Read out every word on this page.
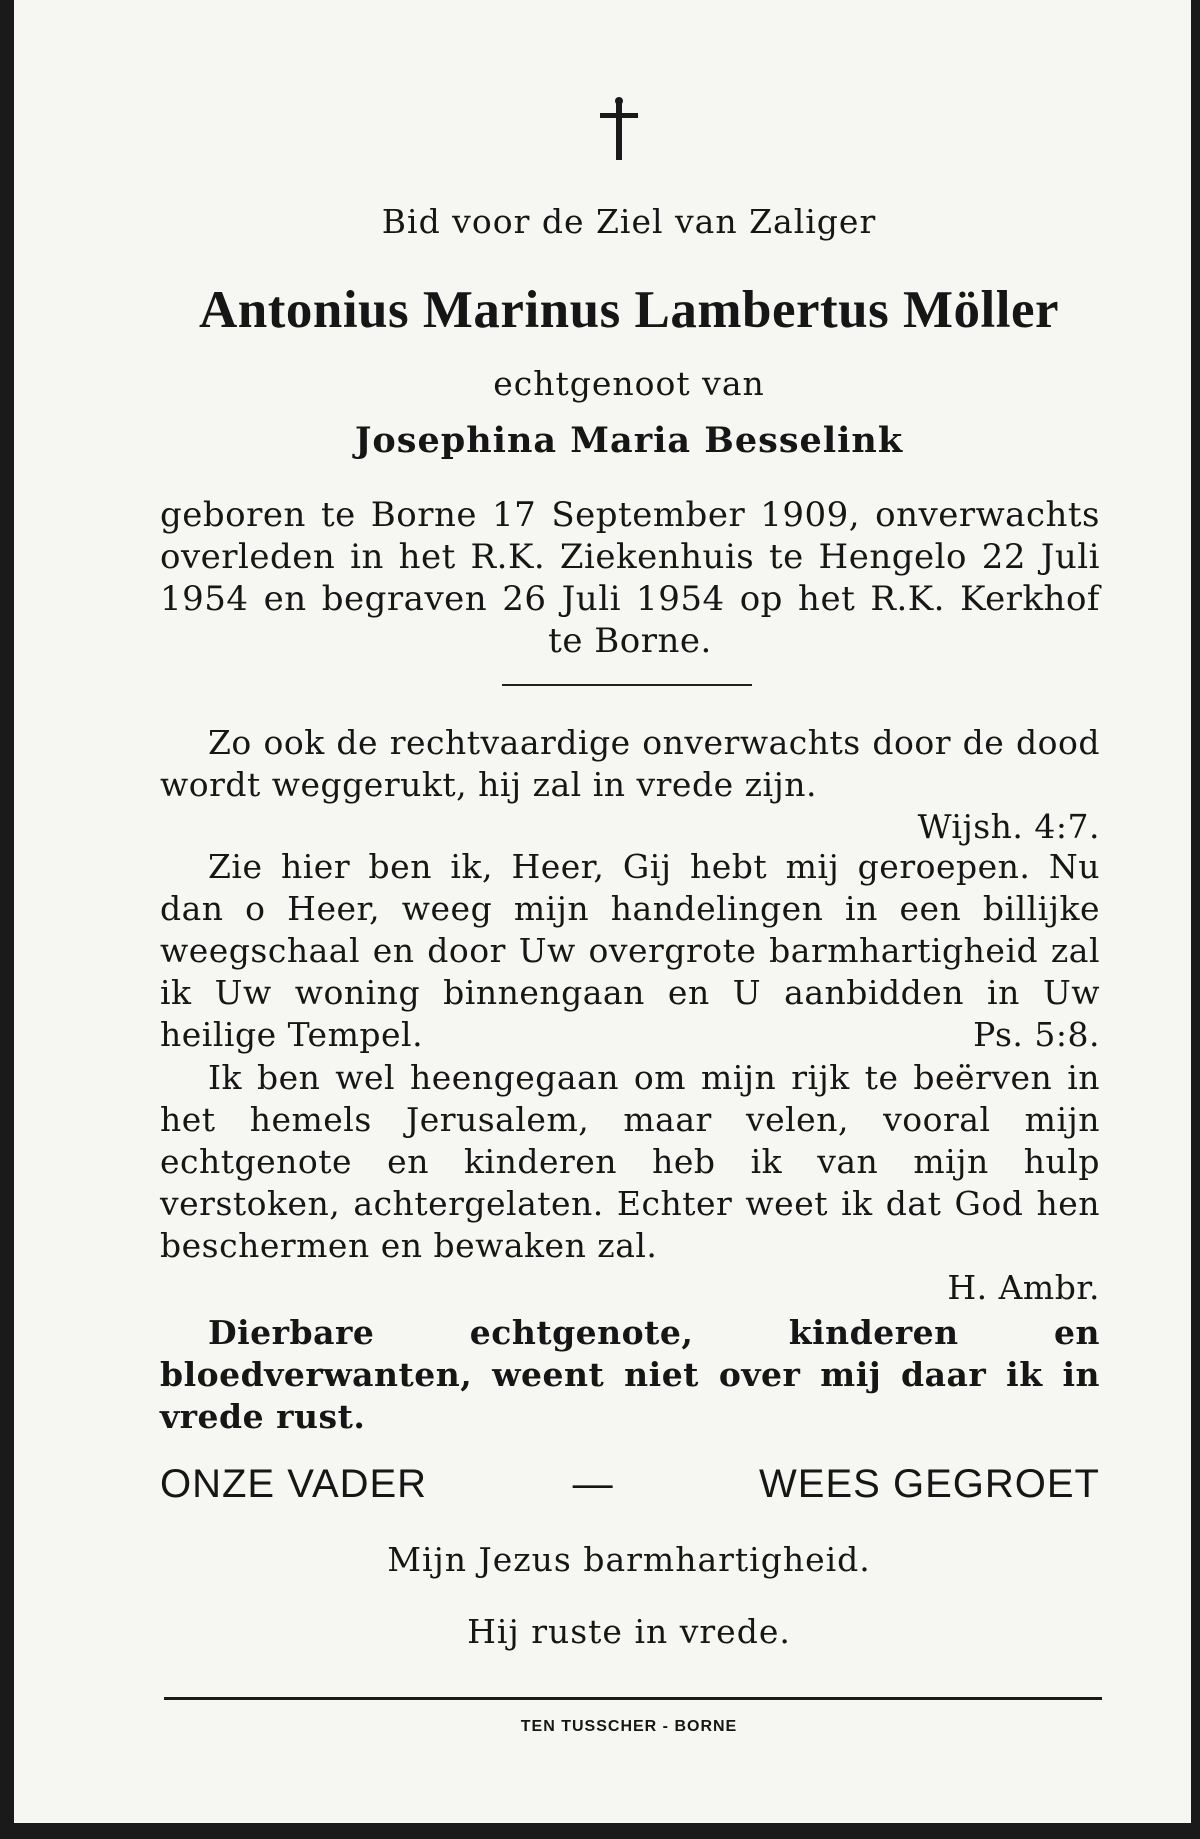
Bid voor de Ziel van Zaliger
Antonius Marinus Lambertus Möller
echtgenoot van
Josephina Maria Besselink
geboren te Borne 17 September 1909, onverwachts overleden in het R.K. Ziekenhuis te Hengelo 22 Juli 1954 en begraven 26 Juli 1954 op het R.K. Kerkhof te Borne.
Zo ook de rechtvaardige onverwachts door de dood wordt weggerukt, hij zal in vrede zijn.
Wijsh. 4:7.
Zie hier ben ik, Heer, Gij hebt mij geroepen. Nu dan o Heer, weeg mijn handelingen in een billijke weegschaal en door Uw overgrote barmhartigheid zal ik Uw woning binnengaan en U aanbidden in Uw heilige Tempel.	Ps. 5:8.
Ik ben wel heengegaan om mijn rijk te beërven in het hemels Jerusalem, maar velen, vooral mijn echtgenote en kinderen heb ik van mijn hulp verstoken, achtergelaten. Echter weet ik dat God hen beschermen en bewaken zal.
H. Ambr.
Dierbare echtgenote, kinderen en bloedverwanten, weent niet over mij daar ik in vrede rust.
ONZE VADER	—	WEES GEGROET
Mijn Jezus barmhartigheid.
Hij ruste in vrede.
TEN TUSSCHER - BORNE
